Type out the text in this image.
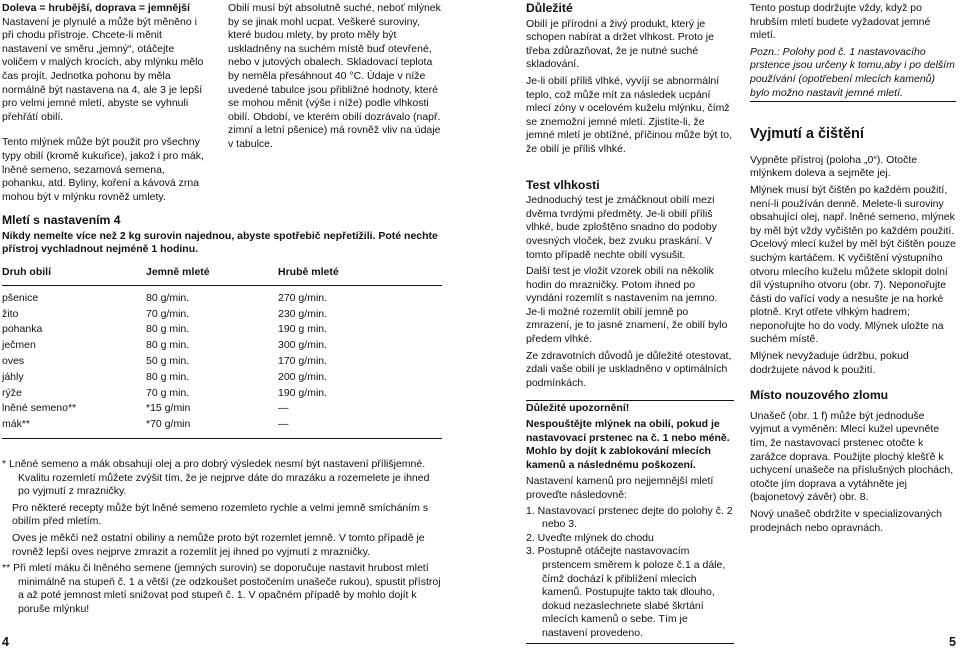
Doleva = hrubější, doprava = jemnější

Nastavení je plynulé a může být měněno i při chodu přístroje. Chcete-li měnit nastavení ve směru „jemný“, otáčejte voličem v malých krocích, aby mlýnku mělo čas projít. Jednotka pohonu by měla normálně být nastavena na 4, ale 3 je lepší pro velmi jemné mletí, abyste se vyhnuli přehřátí obilí.

Tento mlýnek může být použit pro všechny typy obilí (kromě kukuřice), jakož i pro mák, lněné semeno, sezamová semena, pohanku, atd. Byliny, koření a kávová zrna mohou být v mlýnku rovněž umlety.

Obilí musí být absolutně suché, neboť mlýnek by se jinak mohl ucpat. Veškeré suroviny, které budou mlety, by proto měly být uskladněny na suchém místě buď otevřené, nebo v jutových obalech. Skladovací teplota by neměla přesáhnout 40 °C. Údaje v níže uvedené tabulce jsou přibližné hodnoty, které se mohou měnit (výše i níže) podle vlhkosti obilí. Období, ve kterém obilí dozrávalo (např. zimní a letní pšenice) má rovněž vliv na údaje v tabulce.

Mletí s nastavením 4

Nikdy nemelte více než 2 kg surovin najednou, abyste spotřebič nepřetížili. Poté nechte přístroj vychladnout nejméně 1 hodinu.

Druh obilí	Jemně mleté	Hrubě mleté
pšenice	80 g/min.	270 g/min.
žito	70 g/min.	230 g/min.
pohanka	80 g min.	190 g min.
ječmen	80 g min.	300 g/min.
oves	50 g min.	170 g/min.
jáhly	80 g min.	200 g/min.
rýže	70 g min.	190 g/min.
lněné semeno**	*15 g/min	—
mák**	*70 g/min	—

* Lněné semeno a mák obsahují olej a pro dobrý výsledek nesmí být nastavení přílišjemné. Kvalitu rozemletí můžete zvýšit tím, že je nejprve dáte do mrazáku a rozemelete je ihned po vyjmutí z mrazničky.

Pro některé recepty může být lněné semeno rozemleto rychle a velmi jemně smícháním s obilím před mletím.

Oves je měkčí než ostatní obiliny a nemůže proto být rozemlet jemně. V tomto případě je rovněž lepší oves nejprve zmrazit a rozemlít jej ihned po vyjmutí z mrazničky.

** Při mletí máku či lněného semene (jemných surovin) se doporučuje nastavit hrubost mletí minimálně na stupeň č. 1 a větší (ze odzkoušet postočením unašeče rukou), spustit přístroj a až poté jemnost mletí snižovat pod stupeň č. 1. V opačném případě by mohlo dojít k poruše mlýnku!

Důležité

Obilí je přírodní a živý produkt, který je schopen nabírat a držet vlhkost. Proto je třeba zdůrazňovat, že je nutné suché skladování.

Je-li obilí příliš vlhké, vyvíjí se abnormální teplo, což může mít za následek ucpání mlecí zóny v ocelovém kuželu mlýnku, čímž se znemožní jemné mletí. Zjistíte-li, že jemné mletí je obtížné, příčinou může být to, že obilí je příliš vlhké.

Test vlhkosti

Jednoduchý test je zmáčknout obilí mezi dvěma tvrdými předměty. Je-li obilí příliš vlhké, bude zploštěno snadno do podoby ovesných vloček, bez zvuku praskání. V tomto případě nechte obilí vysušit.

Další test je vložit vzorek obilí na několik hodin do mrazničky. Potom ihned po vyndání rozemlít s nastavením na jemno. Je-li možné rozemlít obilí jemně po zmrazení, je to jasné znamení, že obilí bylo předem vlhké.

Ze zdravotních důvodů je důležité otestovat, zdali vaše obilí je uskladněno v optimálních podmínkách.

Důležité upozornění!

Nespouštějte mlýnek na obilí, pokud je nastavovací prstenec na č. 1 nebo méně. Mohlo by dojít k zablokování mlecích kamenů a následnému poškození.

Nastavení kamenů pro nejjemnější mletí proveďte následovně:

1. Nastavovací prstenec dejte do polohy č. 2 nebo 3.

2. Uveďte mlýnek do chodu

3. Postupně otáčejte nastavovacím prstencem směrem k poloze č.1 a dále, čímž dochází k přiblížení mlecích kamenů. Postupujte takto tak dlouho, dokud nezaslechnete slabé škrtání mlecích kamenů o sebe. Tím je nastavení provedeno.

Tento postup dodržujte vždy, když po hrubším mletí budete vyžadovat jemné mletí.

Pozn.: Polohy pod č. 1 nastavovacího prstence jsou určeny k tomu,aby i po delším používání (opotřebení mlecích kamenů) bylo možno nastavit jemné mletí.

Vyjmutí a čištění

Vypněte přístroj (poloha „0“). Otočte mlýnkem doleva a sejměte jej.

Mlýnek musí být čištěn po každém použití, není-li používán denně. Melete-li suroviny obsahující olej, např. lněné semeno, mlýnek by měl být vždy vyčištěn po každém použití. Ocelový mlecí kužel by měl být čištěn pouze suchým kartáčem. K vyčištění výstupního otvoru mlecího kuželu můžete sklopit dolní díl výstupního otvoru (obr. 7). Neponořujte části do vařící vody a nesušte je na horké plotně. Kryt otřete vlhkým hadrem; neponořujte ho do vody. Mlýnek uložte na suchém místě.

Mlýnek nevyžaduje údržbu, pokud dodržujete návod k použití.

Místo nouzového zlomu

Unašeč (obr. 1 f) může být jednoduše vyjmut a vyměněn: Mlecí kužel upevněte tím, že nastavovací prstenec otočte k zarážce doprava. Použijte plochý klešťě k uchycení unašeče na příslušných plochách, otočte jím doprava a vytáhněte jej (bajonetový závěr) obr. 8.

Nový unašeč obdržíte v specializovaných prodejnách nebo opravnách.

4	5
